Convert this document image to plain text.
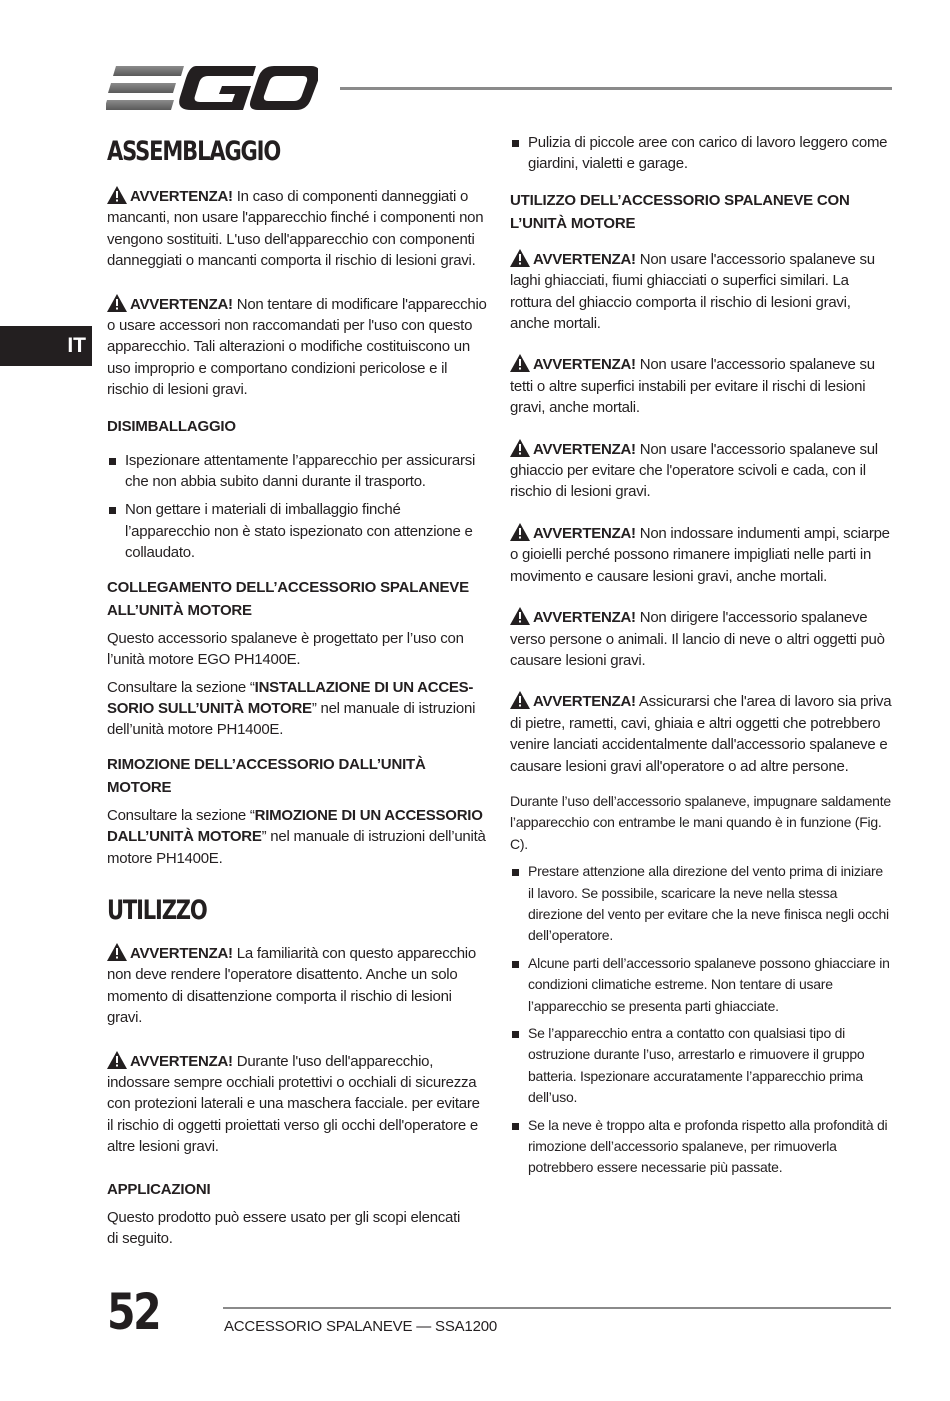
IT
ASSEMBLAGGIO

AVVERTENZA! In caso di componenti danneggiati o mancanti, non usare l'apparecchio finché i componenti non vengono sostituiti. L'uso dell'apparecchio con componenti danneggiati o mancanti comporta il rischio di lesioni gravi.

AVVERTENZA! Non tentare di modificare l'apparecchio o usare accessori non raccomandati per l'uso con questo apparecchio. Tali alterazioni o modifiche costituiscono un uso improprio e comportano condizioni pericolose e il rischio di lesioni gravi.

DISIMBALLAGGIO
Ispezionare attentamente l’apparecchio per assicurarsi che non abbia subito danni durante il trasporto.
Non gettare i materiali di imballaggio finché l’apparecchio non è stato ispezionato con attenzione e collaudato.
COLLEGAMENTO DELL’ACCESSORIO SPALANEVE ALL’UNITÀ MOTORE

Questo accessorio spalaneve è progettato per l’uso con l’unità motore EGO PH1400E.

Consultare la sezione “INSTALLAZIONE DI UN ACCES-SORIO SULL’UNITÀ MOTORE” nel manuale di istruzioni dell’unità motore PH1400E.

RIMOZIONE DELL’ACCESSORIO DALL’UNITÀ MOTORE

Consultare la sezione “RIMOZIONE DI UN ACCESSORIO DALL’UNITÀ MOTORE” nel manuale di istruzioni dell’unità motore PH1400E.

UTILIZZO

AVVERTENZA! La familiarità con questo apparecchio non deve rendere l'operatore disattento. Anche un solo momento di disattenzione comporta il rischio di lesioni gravi.

AVVERTENZA! Durante l'uso dell'apparecchio, indossare sempre occhiali protettivi o occhiali di sicurezza con protezioni laterali e una maschera facciale. per evitare il rischio di oggetti proiettati verso gli occhi dell'operatore e altre lesioni gravi.

APPLICAZIONI

Questo prodotto può essere usato per gli scopi elencati di seguito.

Pulizia di piccole aree con carico di lavoro leggero come giardini, vialetti e garage.
UTILIZZO DELL’ACCESSORIO SPALANEVE CON L’UNITÀ MOTORE

AVVERTENZA! Non usare l'accessorio spalaneve su laghi ghiacciati, fiumi ghiacciati o superfici similari. La rottura del ghiaccio comporta il rischio di lesioni gravi, anche mortali.

AVVERTENZA! Non usare l'accessorio spalaneve su tetti o altre superfici instabili per evitare il rischi di lesioni gravi, anche mortali.

AVVERTENZA! Non usare l'accessorio spalaneve sul ghiaccio per evitare che l'operatore scivoli e cada, con il rischio di lesioni gravi.

AVVERTENZA! Non indossare indumenti ampi, sciarpe o gioielli perché possono rimanere impigliati nelle parti in movimento e causare lesioni gravi, anche mortali.

AVVERTENZA! Non dirigere l'accessorio spalaneve verso persone o animali. Il lancio di neve o altri oggetti può causare lesioni gravi.

AVVERTENZA! Assicurarsi che l'area di lavoro sia priva di pietre, rametti, cavi, ghiaia e altri oggetti che potrebbero venire lanciati accidentalmente dall'accessorio spalaneve e causare lesioni gravi all'operatore o ad altre persone.

Durante l’uso dell’accessorio spalaneve, impugnare saldamente l’apparecchio con entrambe le mani quando è in funzione (Fig. C).

Prestare attenzione alla direzione del vento prima di iniziare il lavoro. Se possibile, scaricare la neve nella stessa direzione del vento per evitare che la neve finisca negli occhi dell’operatore.
Alcune parti dell’accessorio spalaneve possono ghiacciare in condizioni climatiche estreme. Non tentare di usare l’apparecchio se presenta parti ghiacciate.
Se l’apparecchio entra a contatto con qualsiasi tipo di ostruzione durante l’uso, arrestarlo e rimuovere il gruppo batteria. Ispezionare accuratamente l’apparecchio prima dell’uso.
Se la neve è troppo alta e profonda rispetto alla profondità di rimozione dell’accessorio spalaneve, per rimuoverla potrebbero essere necessarie più passate.
52	ACCESSORIO SPALANEVE — SSA1200
